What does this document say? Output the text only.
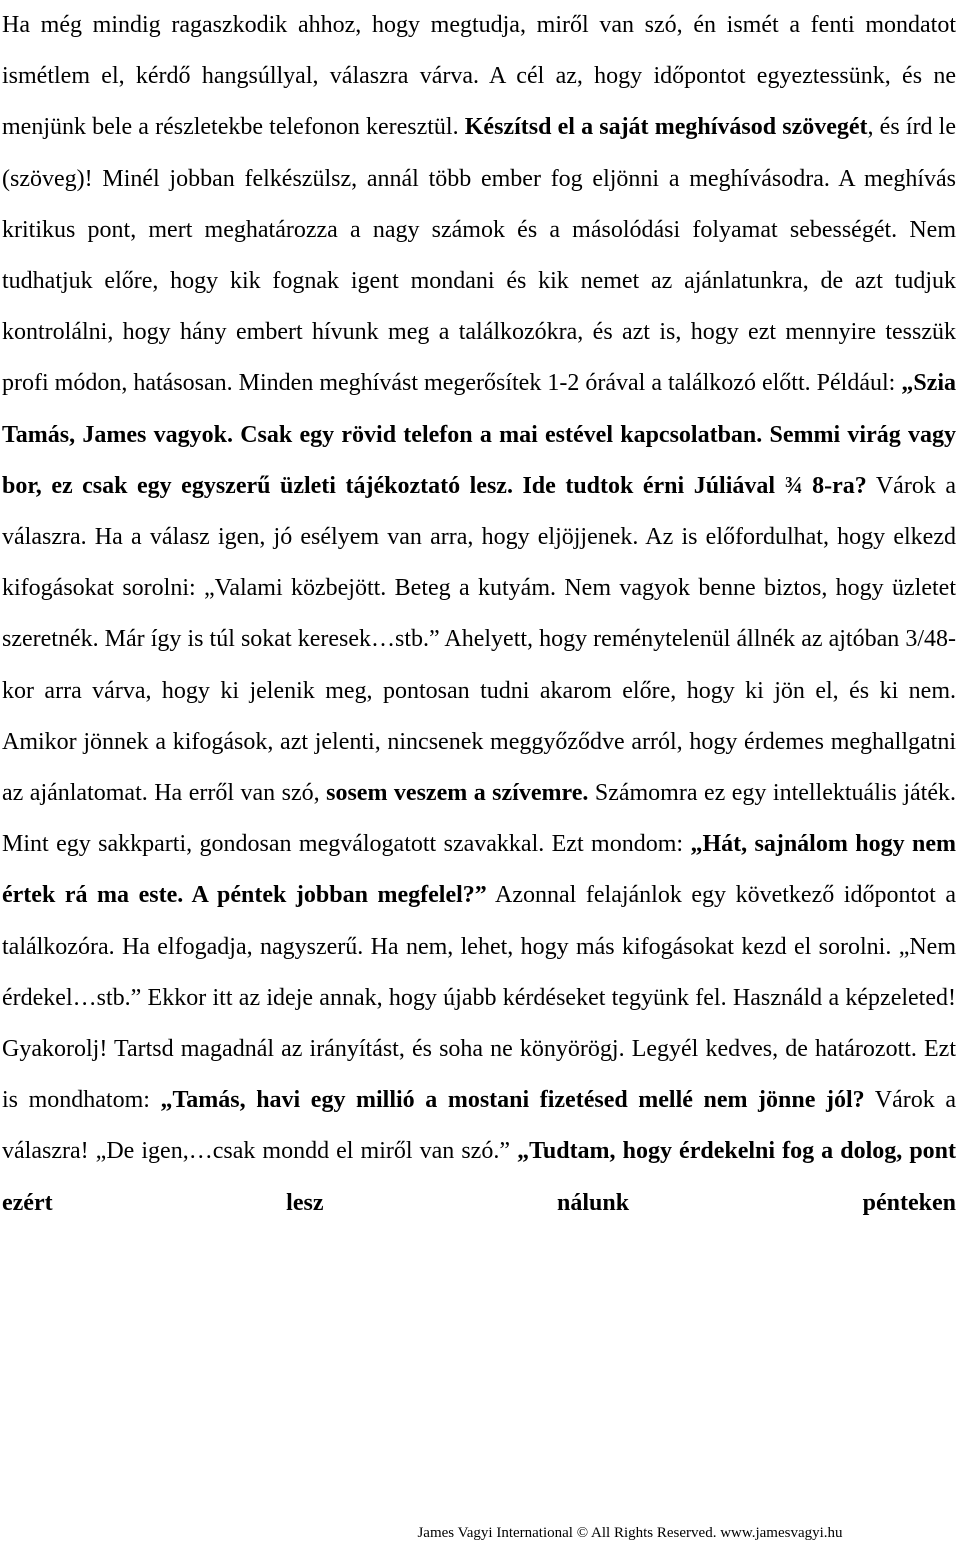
Ha még mindig ragaszkodik ahhoz, hogy megtudja, miről van szó, én ismét a fenti mondatot ismétlem el, kérdő hangsúllyal, válaszra várva. A cél az, hogy időpontot egyeztessünk, és ne menjünk bele a részletekbe telefonon keresztül. Készítsd el a saját meghívásod szövegét, és írd le (szöveg)! Minél jobban felkészülsz, annál több ember fog eljönni a meghívásodra. A meghívás kritikus pont, mert meghatározza a nagy számok és a másolódási folyamat sebességét. Nem tudhatjuk előre, hogy kik fognak igent mondani és kik nemet az ajánlatunkra, de azt tudjuk kontrolálni, hogy hány embert hívunk meg a találkozókra, és azt is, hogy ezt mennyire tesszük profi módon, hatásosan. Minden meghívást megerősítek 1-2 órával a találkozó előtt. Például: „Szia Tamás, James vagyok. Csak egy rövid telefon a mai estével kapcsolatban. Semmi virág vagy bor, ez csak egy egyszerű üzleti tájékoztató lesz. Ide tudtok érni Júliával ¾ 8-ra? Várok a válaszra. Ha a válasz igen, jó esélyem van arra, hogy eljöjjenek. Az is előfordulhat, hogy elkezd kifogásokat sorolni: „Valami közbejött. Beteg a kutyám. Nem vagyok benne biztos, hogy üzletet szeretnék. Már így is túl sokat keresek…stb.” Ahelyett, hogy reménytelenül állnék az ajtóban 3/48-kor arra várva, hogy ki jelenik meg, pontosan tudni akarom előre, hogy ki jön el, és ki nem. Amikor jönnek a kifogások, azt jelenti, nincsenek meggyőződve arról, hogy érdemes meghallgatni az ajánlatomat. Ha erről van szó, sosem veszem a szívemre. Számomra ez egy intellektuális játék. Mint egy sakkparti, gondosan megválogatott szavakkal. Ezt mondom: „Hát, sajnálom hogy nem értek rá ma este. A péntek jobban megfelel?” Azonnal felajánlok egy következő időpontot a találkozóra. Ha elfogadja, nagyszerű. Ha nem, lehet, hogy más kifogásokat kezd el sorolni. „Nem érdekel…stb.” Ekkor itt az ideje annak, hogy újabb kérdéseket tegyünk fel. Használd a képzeleted! Gyakorolj! Tartsd magadnál az irányítást, és soha ne könyörögj. Legyél kedves, de határozott. Ezt is mondhatom: „Tamás, havi egy millió a mostani fizetésed mellé nem jönne jól? Várok a válaszra! „De igen,…csak mondd el miről van szó.” „Tudtam, hogy érdekelni fog a dolog, pont ezért lesz nálunk pénteken

James Vagyi International © All Rights Reserved. www.jamesvagyi.hu
